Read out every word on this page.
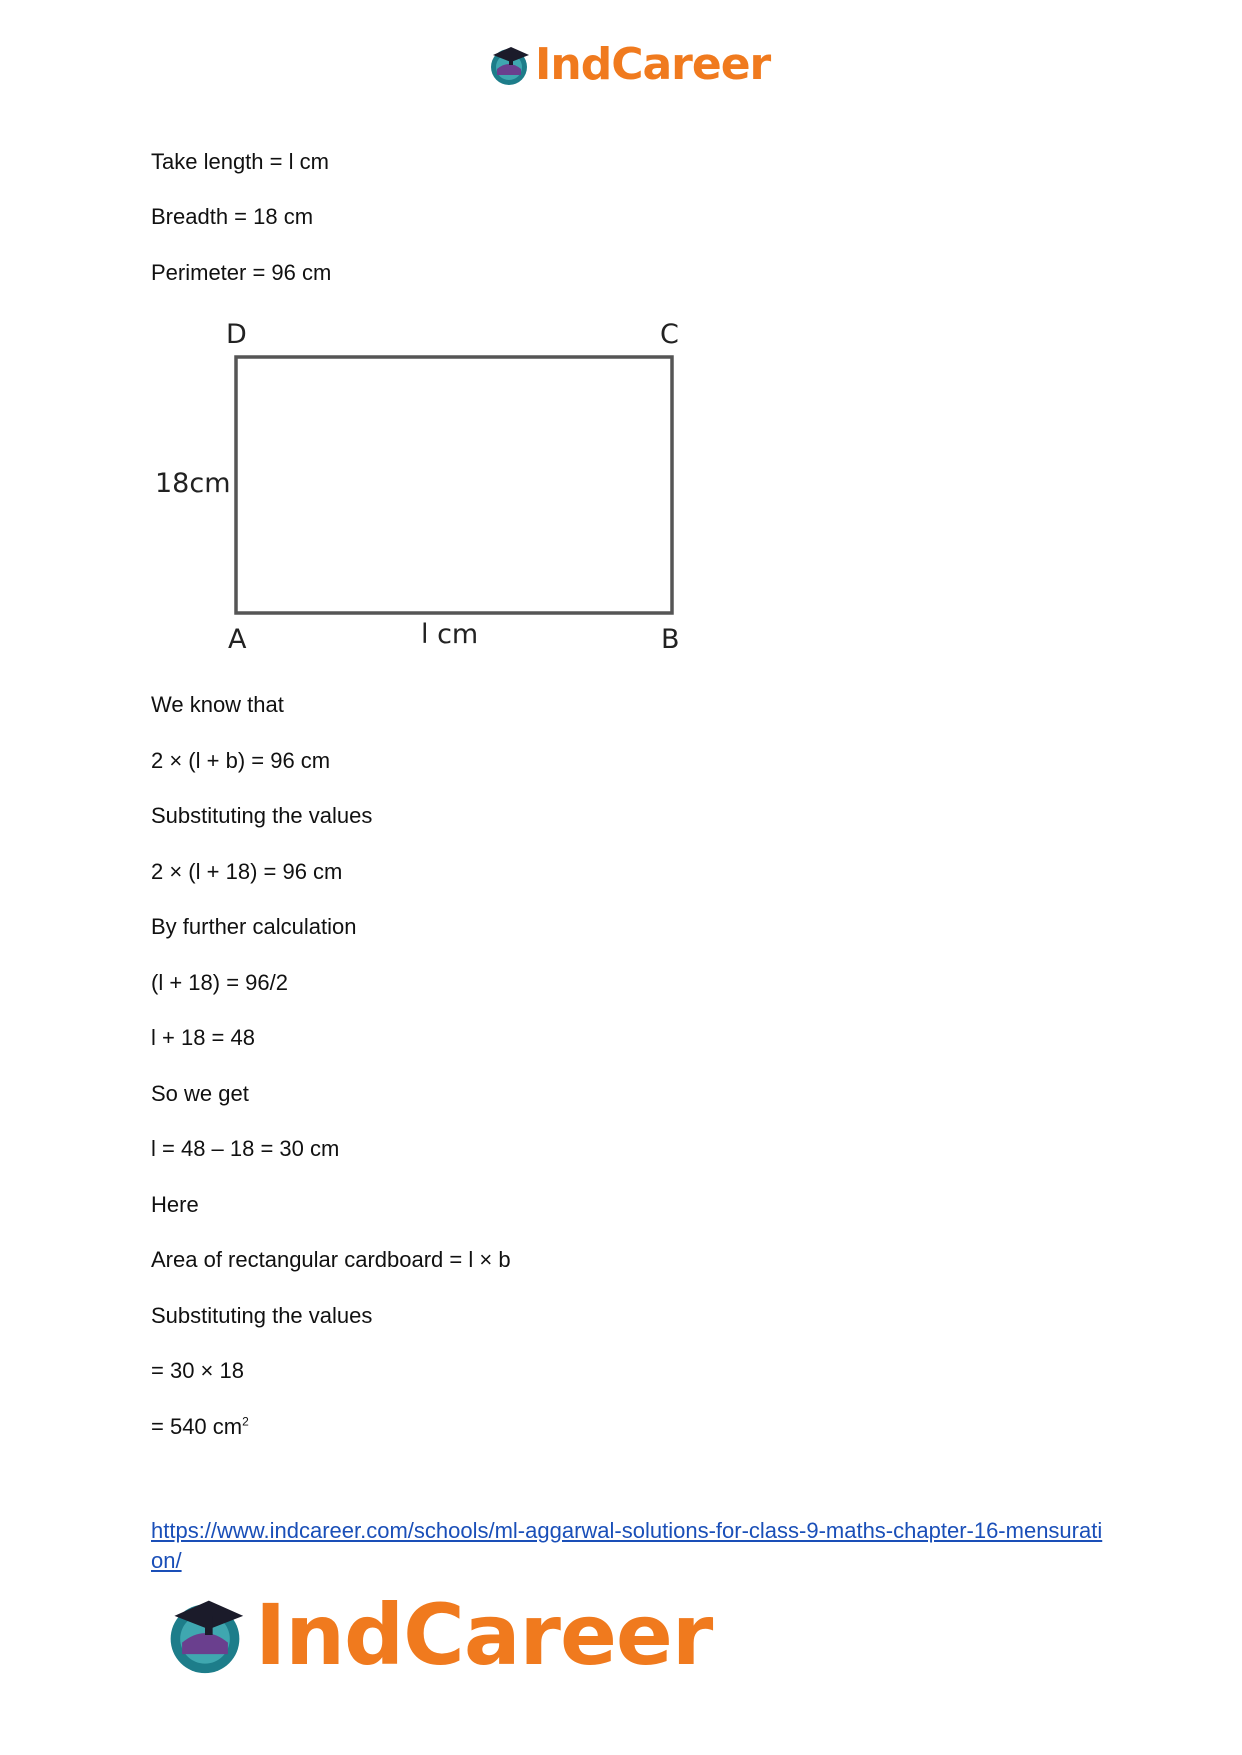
IndCareer

Take length = l cm

Breadth = 18 cm

Perimeter = 96 cm

D	C
A	B
18cm
l cm

We know that

2 × (l + b) = 96 cm

Substituting the values

2 × (l + 18) = 96 cm

By further calculation

(l + 18) = 96/2

l + 18 = 48

So we get

l = 48 – 18 = 30 cm

Here

Area of rectangular cardboard = l × b

Substituting the values

= 30 × 18

= 540 $cm^2$

https://www.indcareer.com/schools/ml-aggarwal-solutions-for-class-9-maths-chapter-16-mensuration/
IndCareer
